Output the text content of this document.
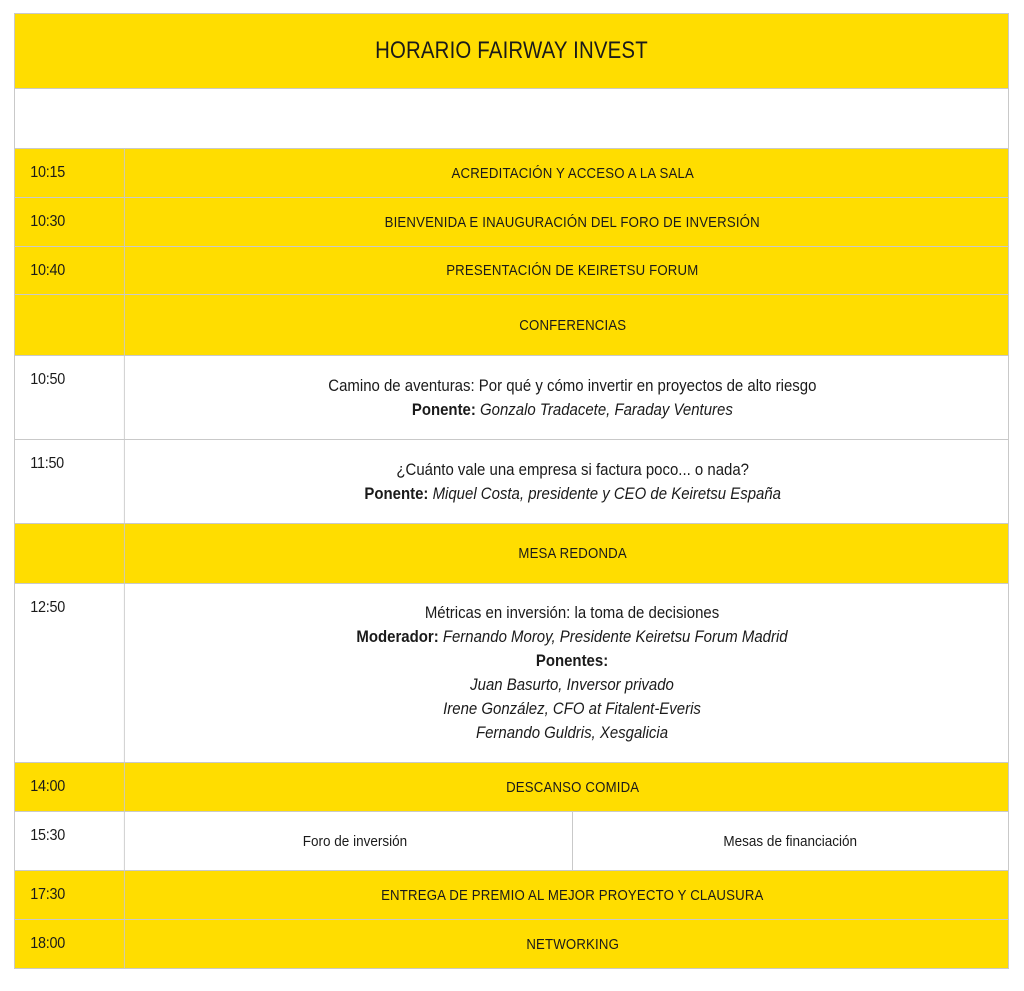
HORARIO FAIRWAY INVEST
10:15	ACREDITACIÓN Y ACCESO A LA SALA
10:30	BIENVENIDA E INAUGURACIÓN DEL FORO DE INVERSIÓN
10:40	PRESENTACIÓN DE KEIRETSU FORUM
CONFERENCIAS
10:50	Camino de aventuras: Por qué y cómo invertir en proyectos de alto riesgo
Ponente: Gonzalo Tradacete, Faraday Ventures
11:50	¿Cuánto vale una empresa si factura poco... o nada?
Ponente: Miquel Costa, presidente y CEO de Keiretsu España
MESA REDONDA
12:50	Métricas en inversión: la toma de decisiones
Moderador: Fernando Moroy, Presidente Keiretsu Forum Madrid
Ponentes:
Juan Basurto, Inversor privado
Irene González, CFO at Fitalent-Everis
Fernando Guldris, Xesgalicia
14:00	DESCANSO COMIDA
15:30	Foro de inversión	Mesas de financiación
17:30	ENTREGA DE PREMIO AL MEJOR PROYECTO Y CLAUSURA
18:00	NETWORKING
